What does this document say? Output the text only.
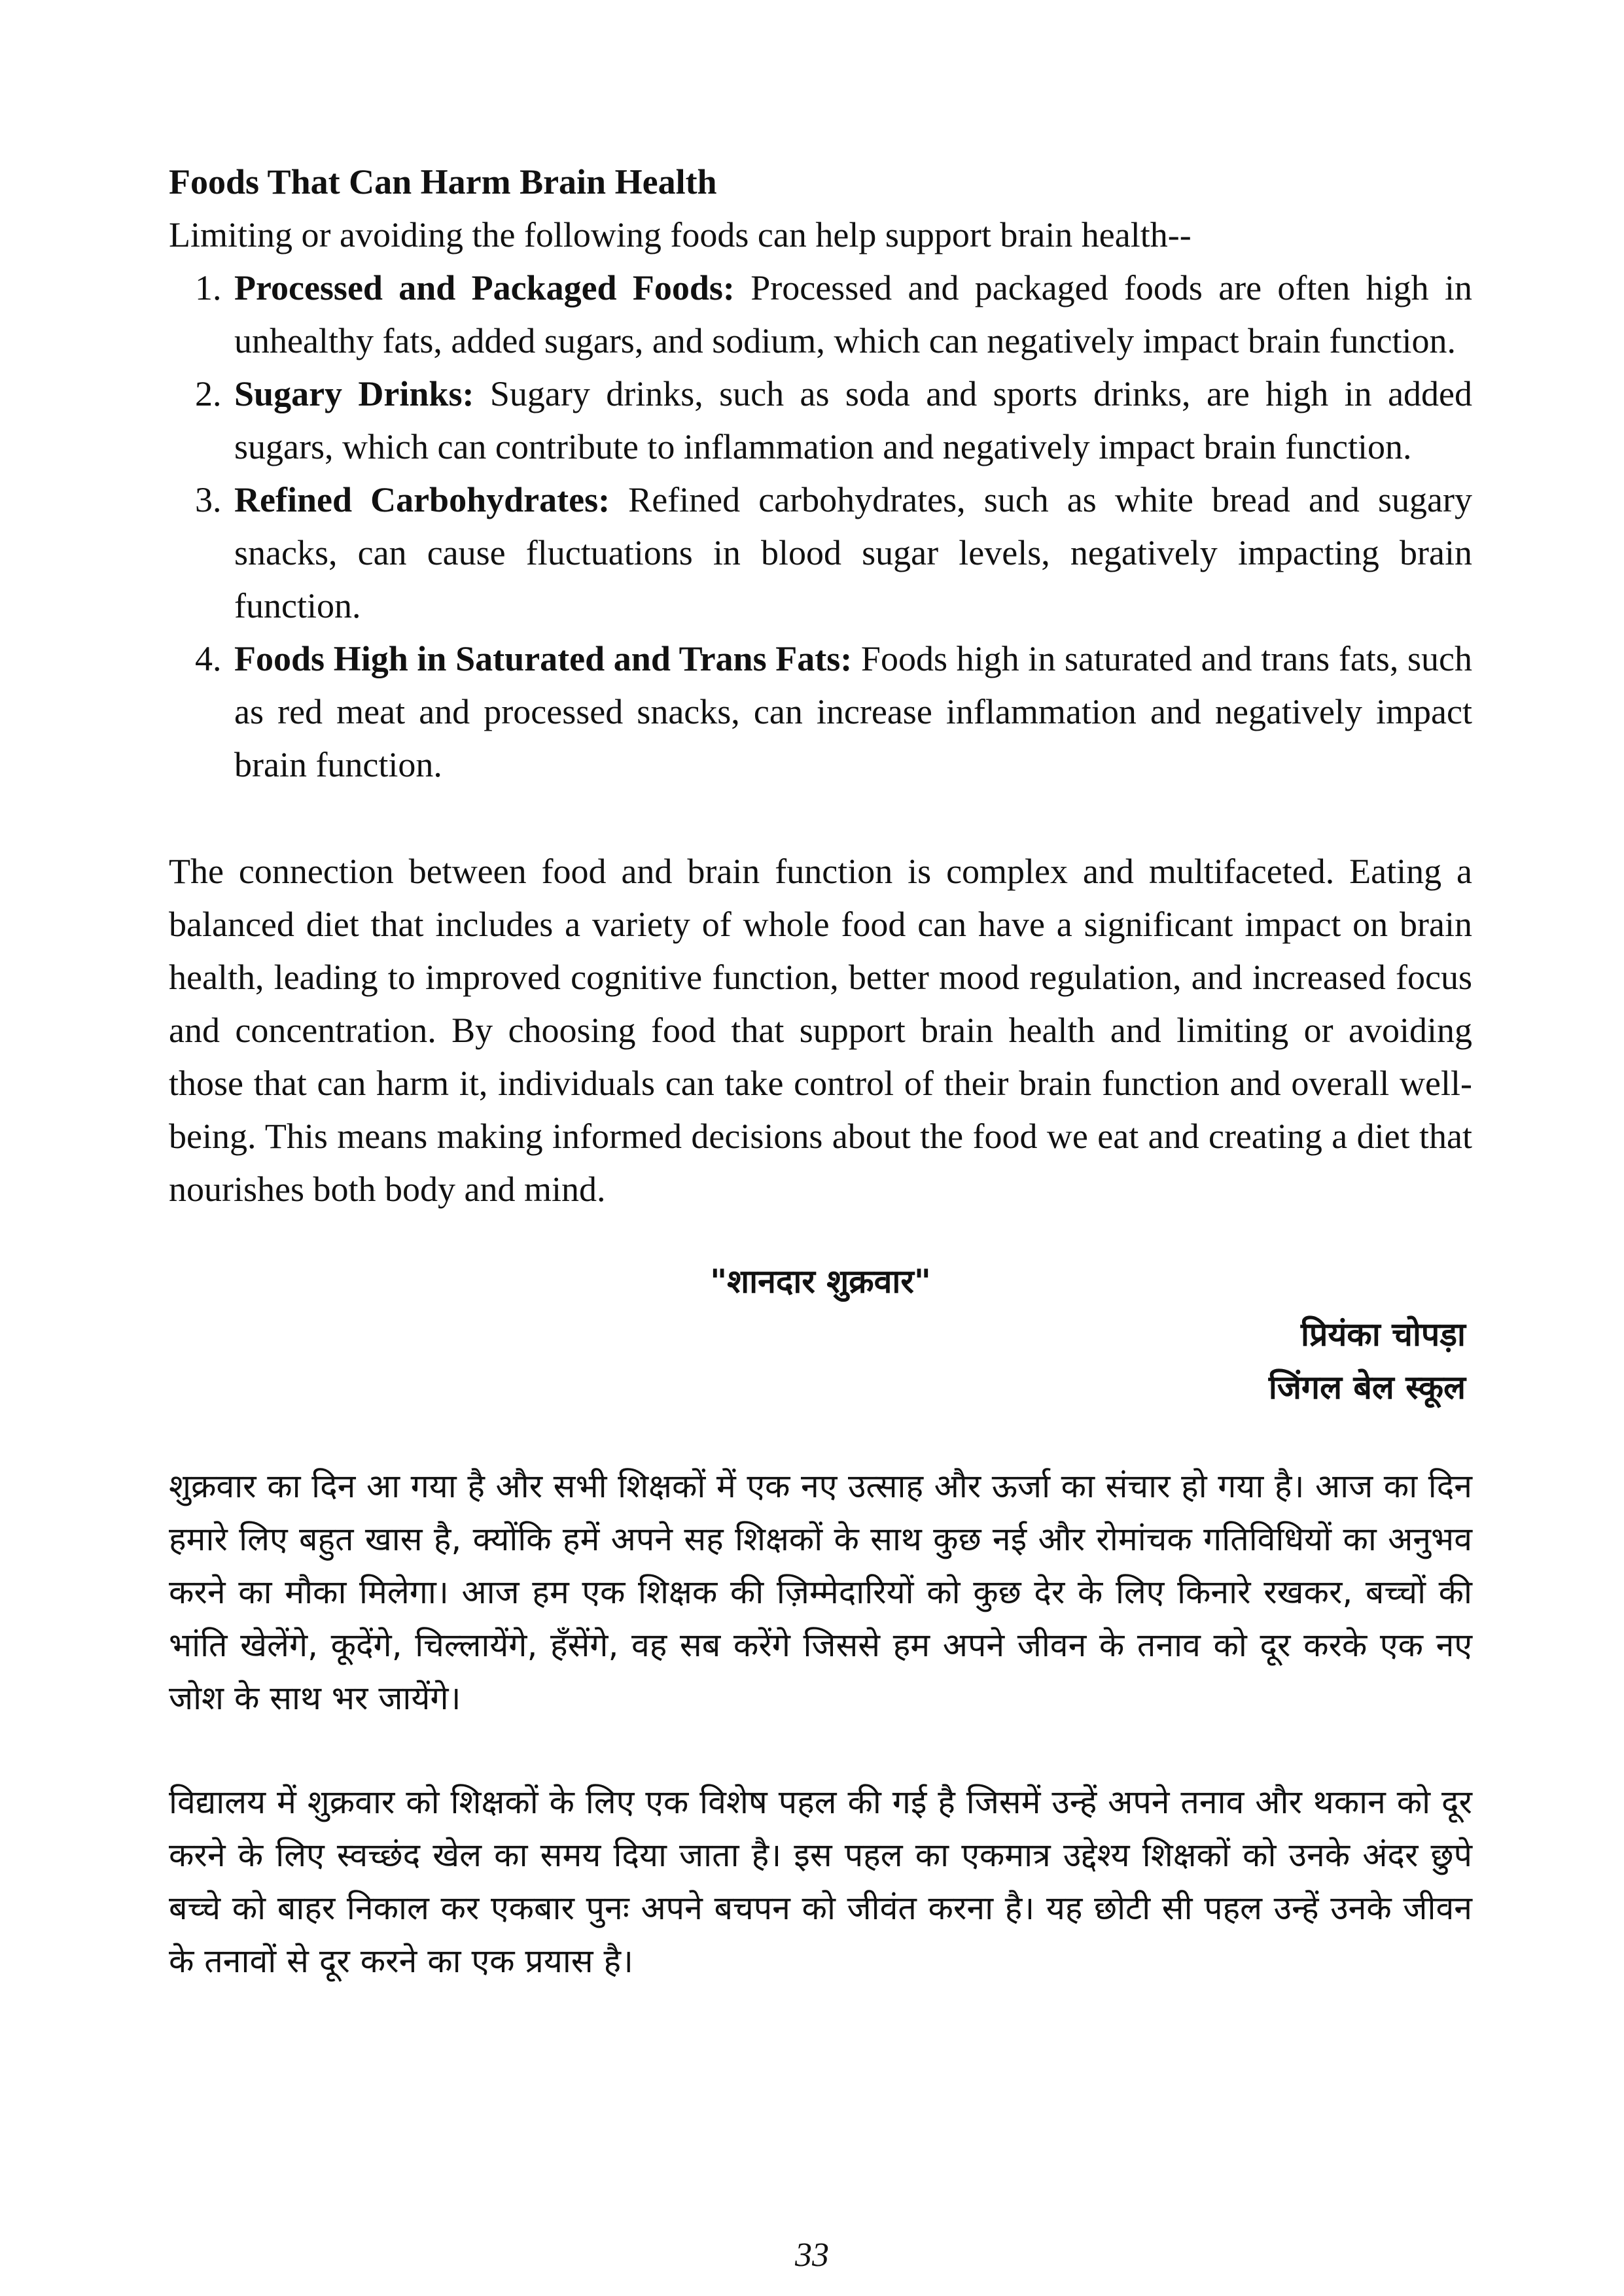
Foods That Can Harm Brain Health

Limiting or avoiding the following foods can help support brain health--

1. Processed and Packaged Foods: Processed and packaged foods are often high in unhealthy fats, added sugars, and sodium, which can negatively impact brain function.
2. Sugary Drinks: Sugary drinks, such as soda and sports drinks, are high in added sugars, which can contribute to inflammation and negatively impact brain function.
3. Refined Carbohydrates: Refined carbohydrates, such as white bread and sugary snacks, can cause fluctuations in blood sugar levels, negatively impacting brain function.
4. Foods High in Saturated and Trans Fats: Foods high in saturated and trans fats, such as red meat and processed snacks, can increase inflammation and negatively impact brain function.

The connection between food and brain function is complex and multifaceted. Eating a balanced diet that includes a variety of whole food can have a significant impact on brain health, leading to improved cognitive function, better mood regulation, and increased focus and concentration. By choosing food that support brain health and limiting or avoiding those that can harm it, individuals can take control of their brain function and overall well-being. This means making informed decisions about the food we eat and creating a diet that nourishes both body and mind.

"शानदार शुक्रवार"

प्रियंका चोपड़ा

जिंगल बेल स्कूल

शुक्रवार का दिन आ गया है और सभी शिक्षकों में एक नए उत्साह और ऊर्जा का संचार हो गया है। आज का दिन हमारे लिए बहुत खास है, क्योंकि हमें अपने सह शिक्षकों के साथ कुछ नई और रोमांचक गतिविधियों का अनुभव करने का मौका मिलेगा। आज हम एक शिक्षक की ज़िम्मेदारियों को कुछ देर के लिए किनारे रखकर, बच्चों की भांति खेलेंगे, कूदेंगे, चिल्लायेंगे, हँसेंगे, वह सब करेंगे जिससे हम अपने जीवन के तनाव को दूर करके एक नए जोश के साथ भर जायेंगे।

विद्यालय में शुक्रवार को शिक्षकों के लिए एक विशेष पहल की गई है जिसमें उन्हें अपने तनाव और थकान को दूर करने के लिए स्वच्छंद खेल का समय दिया जाता है। इस पहल का एकमात्र उद्देश्य शिक्षकों को उनके अंदर छुपे बच्चे को बाहर निकाल कर एकबार पुनः अपने बचपन को जीवंत करना है। यह छोटी सी पहल उन्हें उनके जीवन के तनावों से दूर करने का एक प्रयास है।

33
